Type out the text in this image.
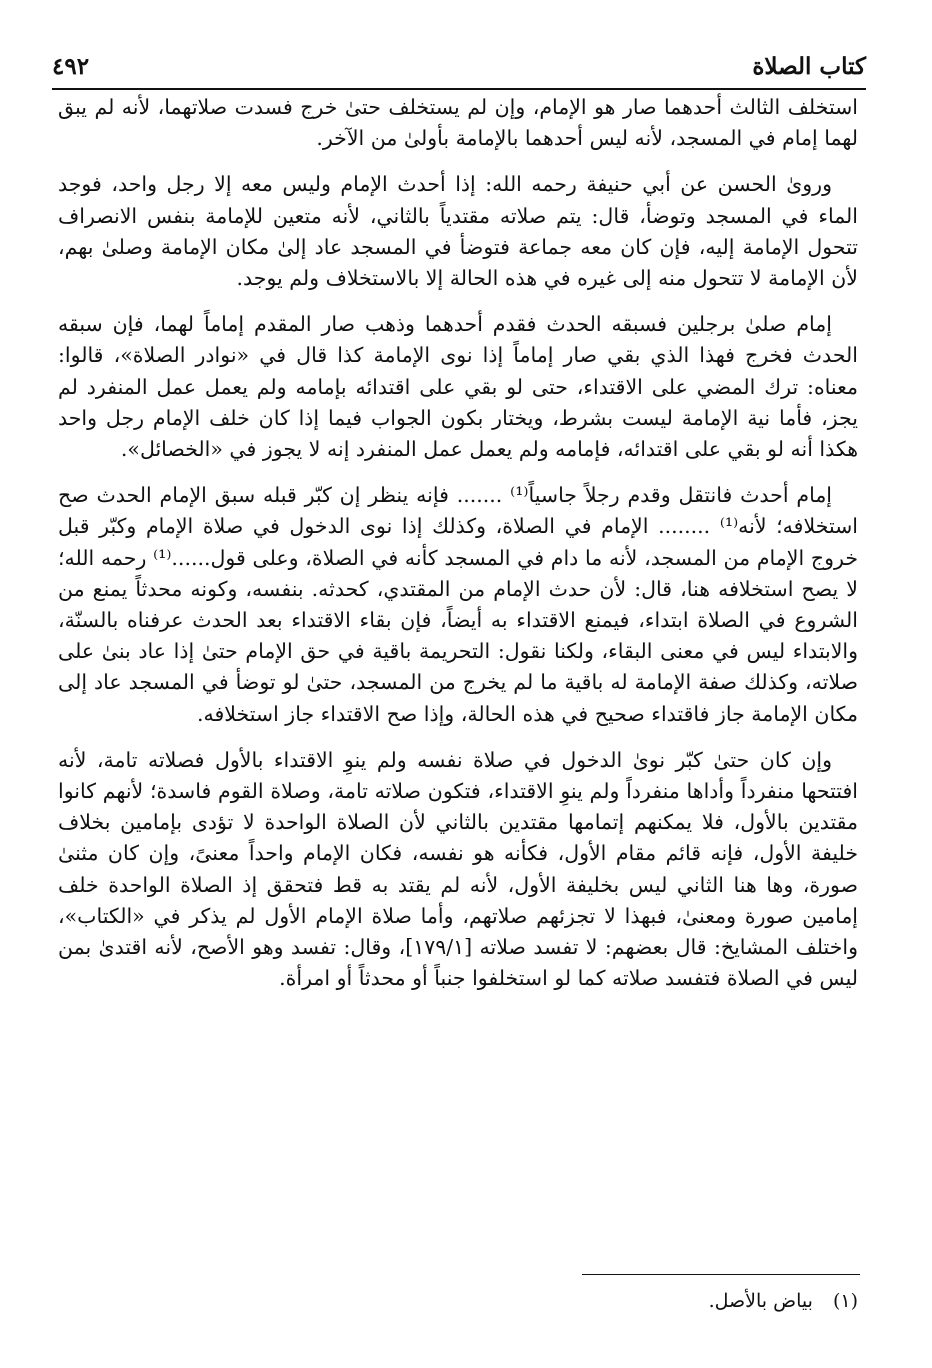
كتاب الصلاة
٤٩٢

استخلف الثالث أحدهما صار هو الإمام، وإن لم يستخلف حتىٰ خرج فسدت صلاتهما، لأنه لم يبق لهما إمام في المسجد، لأنه ليس أحدهما بالإمامة بأولىٰ من الآخر.

ورویٰ الحسن عن أبي حنيفة رحمه الله: إذا أحدث الإمام وليس معه إلا رجل واحد، فوجد الماء في المسجد وتوضأ، قال: يتم صلاته مقتدياً بالثاني، لأنه متعين للإمامة بنفس الانصراف تتحول الإمامة إليه، فإن كان معه جماعة فتوضأ في المسجد عاد إلىٰ مكان الإمامة وصلىٰ بهم، لأن الإمامة لا تتحول منه إلى غيره في هذه الحالة إلا بالاستخلاف ولم يوجد.

إمام صلىٰ برجلين فسبقه الحدث فقدم أحدهما وذهب صار المقدم إماماً لهما، فإن سبقه الحدث فخرج فهذا الذي بقي صار إماماً إذا نوى الإمامة كذا قال في «نوادر الصلاة»، قالوا: معناه: ترك المضي على الاقتداء، حتى لو بقي على اقتدائه بإمامه ولم يعمل عمل المنفرد لم يجز، فأما نية الإمامة ليست بشرط، ويختار بكون الجواب فيما إذا كان خلف الإمام رجل واحد هكذا أنه لو بقي على اقتدائه، فإمامه ولم يعمل عمل المنفرد إنه لا يجوز في «الخصائل».

إمام أحدث فانتقل وقدم رجلاً جاسياً⁽¹⁾ ....... فإنه ينظر إن كبّر قبله سبق الإمام الحدث صح استخلافه؛ لأنه⁽¹⁾ ........ الإمام في الصلاة، وكذلك إذا نوى الدخول في صلاة الإمام وكبّر قبل خروج الإمام من المسجد، لأنه ما دام في المسجد كأنه في الصلاة، وعلى قول......⁽¹⁾ رحمه الله؛ لا يصح استخلافه هنا، قال: لأن حدث الإمام من المقتدي، كحدثه. بنفسه، وكونه محدثاً يمنع من الشروع في الصلاة ابتداء، فيمنع الاقتداء به أيضاً، فإن بقاء الاقتداء بعد الحدث عرفناه بالسنّة، والابتداء ليس في معنى البقاء، ولكنا نقول: التحريمة باقية في حق الإمام حتىٰ إذا عاد بنىٰ على صلاته، وكذلك صفة الإمامة له باقية ما لم يخرج من المسجد، حتىٰ لو توضأ في المسجد عاد إلى مكان الإمامة جاز فاقتداء صحيح في هذه الحالة، وإذا صح الاقتداء جاز استخلافه.

وإن كان حتىٰ كبّر نوىٰ الدخول في صلاة نفسه ولم ينوِ الاقتداء بالأول فصلاته تامة، لأنه افتتحها منفرداً وأداها منفرداً ولم ينوِ الاقتداء، فتكون صلاته تامة، وصلاة القوم فاسدة؛ لأنهم كانوا مقتدين بالأول، فلا يمكنهم إتمامها مقتدين بالثاني لأن الصلاة الواحدة لا تؤدى بإمامين بخلاف خليفة الأول، فإنه قائم مقام الأول، فكأنه هو نفسه، فكان الإمام واحداً معنىً، وإن كان مثنىٰ صورة، وها هنا الثاني ليس بخليفة الأول، لأنه لم يقتد به قط فتحقق إذ الصلاة الواحدة خلف إمامين صورة ومعنىٰ، فبهذا لا تجزئهم صلاتهم، وأما صلاة الإمام الأول لم يذكر في «الكتاب»، واختلف المشايخ: قال بعضهم: لا تفسد صلاته [١٧٩/١]، وقال: تفسد وهو الأصح، لأنه اقتدىٰ بمن ليس في الصلاة فتفسد صلاته كما لو استخلفوا جنباً أو محدثاً أو امرأة.

(١) بياض بالأصل.
